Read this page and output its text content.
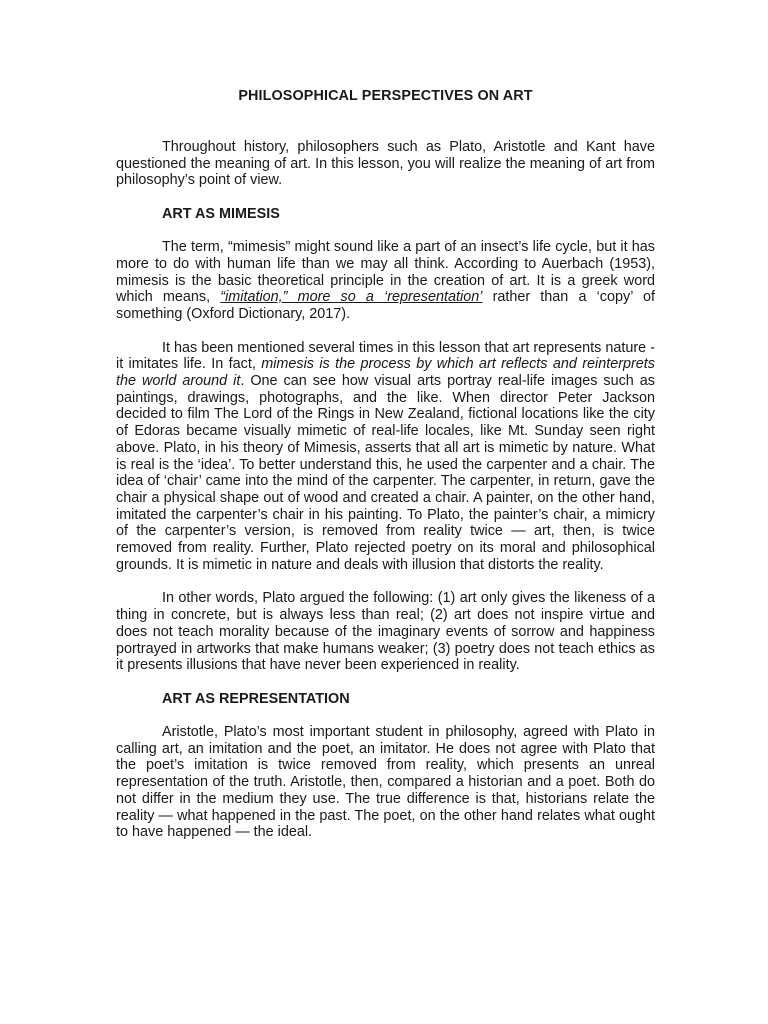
PHILOSOPHICAL PERSPECTIVES ON ART

Throughout history, philosophers such as Plato, Aristotle and Kant have questioned the meaning of art. In this lesson, you will realize the meaning of art from philosophy’s point of view.

ART AS MIMESIS

The term, “mimesis” might sound like a part of an insect’s life cycle, but it has more to do with human life than we may all think. According to Auerbach (1953), mimesis is the basic theoretical principle in the creation of art. It is a greek word which means, “imitation,” more so a ‘representation’ rather than a ‘copy’ of something (Oxford Dictionary, 2017).

It has been mentioned several times in this lesson that art represents nature - it imitates life. In fact, mimesis is the process by which art reflects and reinterprets the world around it. One can see how visual arts portray real-life images such as paintings, drawings, photographs, and the like. When director Peter Jackson decided to film The Lord of the Rings in New Zealand, fictional locations like the city of Edoras became visually mimetic of real-life locales, like Mt. Sunday seen right above. Plato, in his theory of Mimesis, asserts that all art is mimetic by nature. What is real is the ‘idea’. To better understand this, he used the carpenter and a chair. The idea of ‘chair’ came into the mind of the carpenter. The carpenter, in return, gave the chair a physical shape out of wood and created a chair. A painter, on the other hand, imitated the carpenter’s chair in his painting. To Plato, the painter’s chair, a mimicry of the carpenter’s version, is removed from reality twice — art, then, is twice removed from reality. Further, Plato rejected poetry on its moral and philosophical grounds. It is mimetic in nature and deals with illusion that distorts the reality.

In other words, Plato argued the following: (1) art only gives the likeness of a thing in concrete, but is always less than real; (2) art does not inspire virtue and does not teach morality because of the imaginary events of sorrow and happiness portrayed in artworks that make humans weaker; (3) poetry does not teach ethics as it presents illusions that have never been experienced in reality.

ART AS REPRESENTATION

Aristotle, Plato’s most important student in philosophy, agreed with Plato in calling art, an imitation and the poet, an imitator. He does not agree with Plato that the poet’s imitation is twice removed from reality, which presents an unreal representation of the truth. Aristotle, then, compared a historian and a poet. Both do not differ in the medium they use. The true difference is that, historians relate the reality — what happened in the past. The poet, on the other hand relates what ought to have happened — the ideal.
